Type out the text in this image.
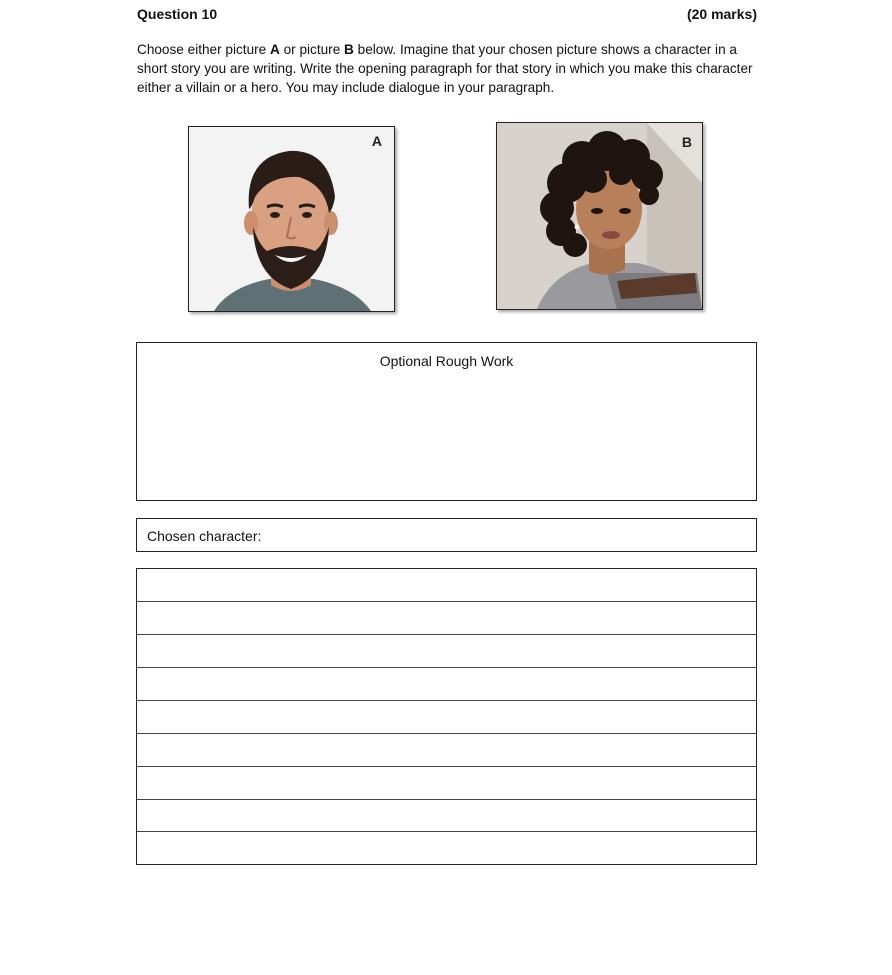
Question 10	(20 marks)
Choose either picture A or picture B below. Imagine that your chosen picture shows a character in a short story you are writing. Write the opening paragraph for that story in which you make this character either a villain or a hero. You may include dialogue in your paragraph.
A	B
Optional Rough Work
Chosen character:
